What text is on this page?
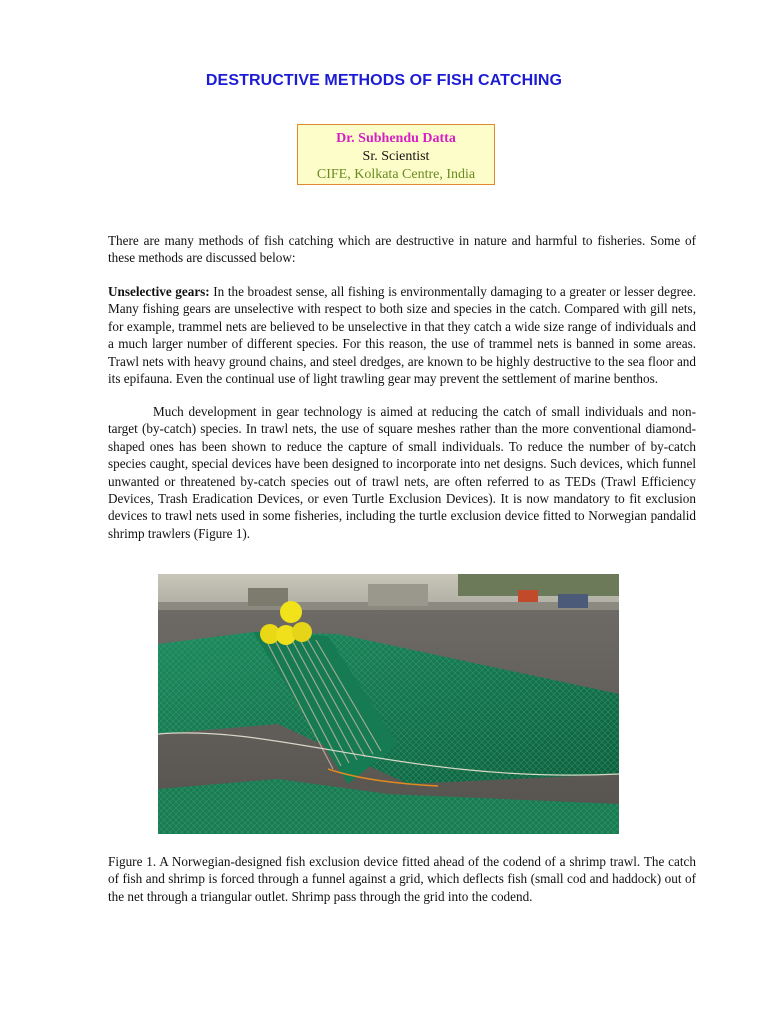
DESTRUCTIVE METHODS OF FISH CATCHING
Dr. Subhendu Datta
Sr. Scientist
CIFE, Kolkata Centre, India
There are many methods of fish catching which are destructive in nature and harmful to fisheries. Some of these methods are discussed below:
Unselective gears: In the broadest sense, all fishing is environmentally damaging to a greater or lesser degree. Many fishing gears are unselective with respect to both size and species in the catch. Compared with gill nets, for example, trammel nets are believed to be unselective in that they catch a wide size range of individuals and a much larger number of different species. For this reason, the use of trammel nets is banned in some areas. Trawl nets with heavy ground chains, and steel dredges, are known to be highly destructive to the sea floor and its epifauna. Even the continual use of light trawling gear may prevent the settlement of marine benthos.
Much development in gear technology is aimed at reducing the catch of small individuals and non-target (by-catch) species. In trawl nets, the use of square meshes rather than the more conventional diamond-shaped ones has been shown to reduce the capture of small individuals. To reduce the number of by-catch species caught, special devices have been designed to incorporate into net designs. Such devices, which funnel unwanted or threatened by-catch species out of trawl nets, are often referred to as TEDs (Trawl Efficiency Devices, Trash Eradication Devices, or even Turtle Exclusion Devices). It is now mandatory to fit exclusion devices to trawl nets used in some fisheries, including the turtle exclusion device fitted to Norwegian pandalid shrimp trawlers (Figure 1).
Figure 1. A Norwegian-designed fish exclusion device fitted ahead of the codend of a shrimp trawl. The catch of fish and shrimp is forced through a funnel against a grid, which deflects fish (small cod and haddock) out of the net through a triangular outlet. Shrimp pass through the grid into the codend.
